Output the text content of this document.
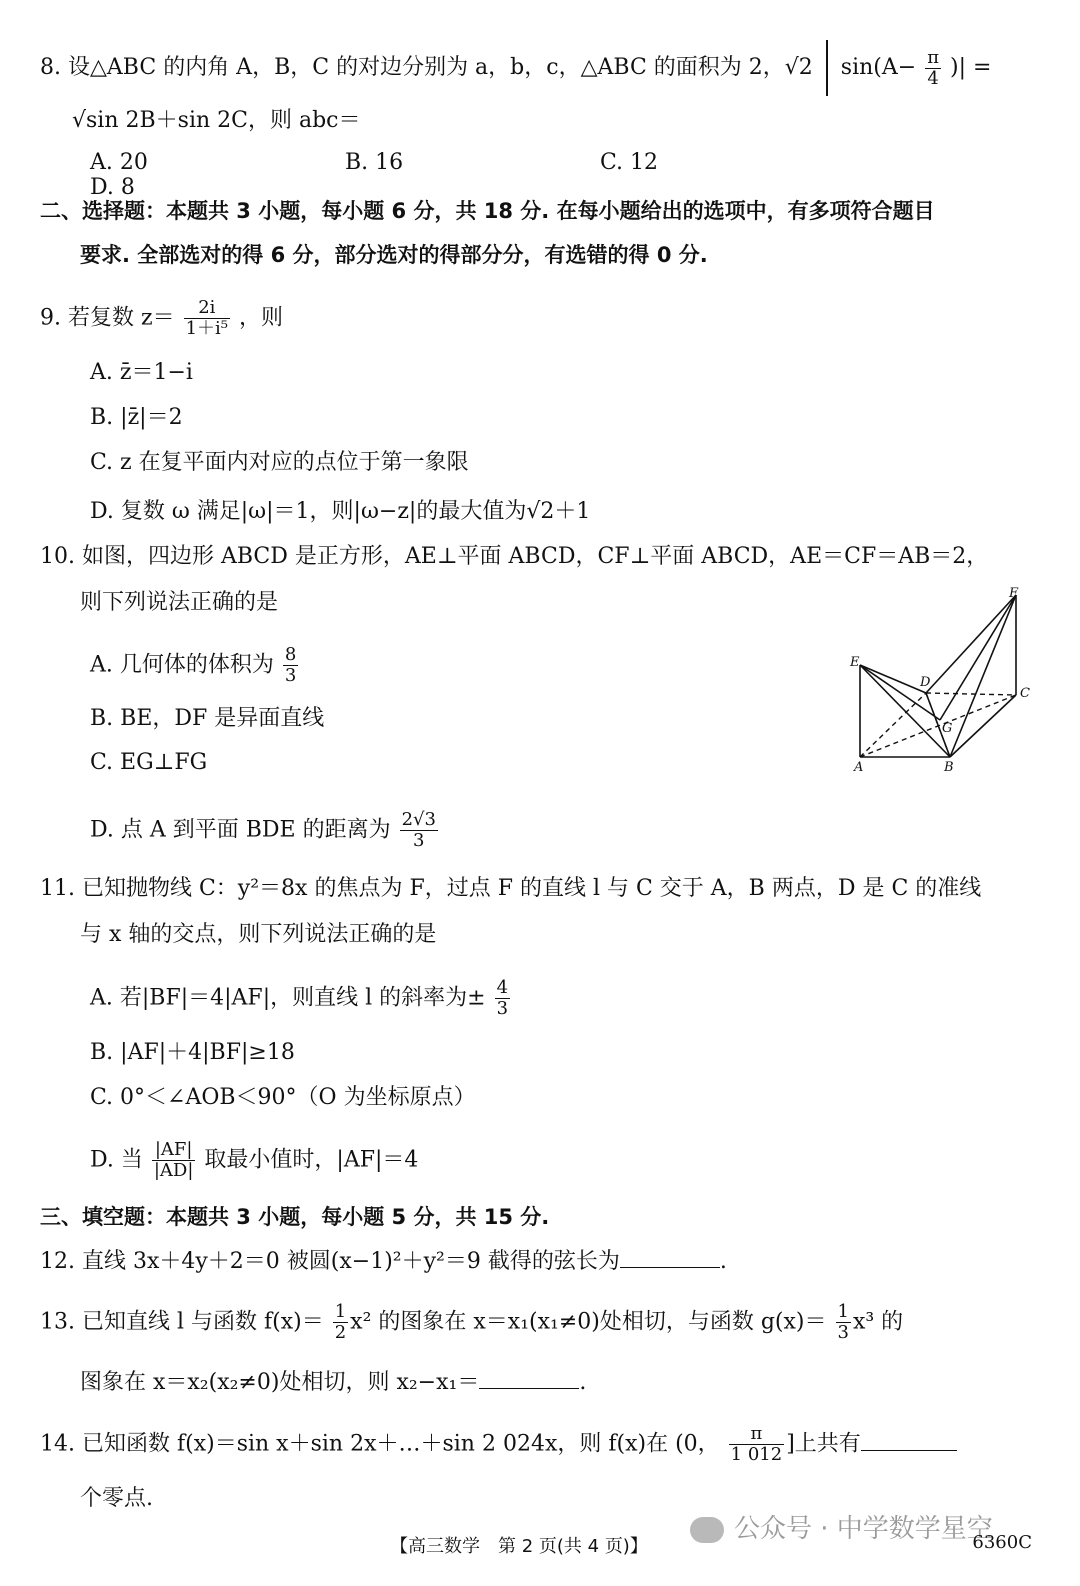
8. 设△ABC 的内角 A，B，C 的对边分别为 a，b，c，△ABC 的面积为 2，√2 $\sin(A- \frac{\pi}{4}$ )| =
√sin 2B＋sin 2C，则 abc＝
A. 20	B. 16	C. 12D. 8
二、选择题：本题共 3 小题，每小题 6 分，共 18 分. 在每小题给出的选项中，有多项符合题目
要求. 全部选对的得 6 分，部分选对的得部分分，有选错的得 0 分.
9. 若复数 $z= \frac{2i}{\text{1＋i⁵}}$ ，则
A. z̄＝1−i
B. |z̄|＝2
C. z 在复平面内对应的点位于第一象限
D. 复数 ω 满足|ω|＝1，则|ω−z|的最大值为√2＋1
10. 如图，四边形 ABCD 是正方形，AE⊥平面 ABCD，CF⊥平面 ABCD，AE＝CF＝AB＝2，
则下列说法正确的是
A. 几何体的体积为 $\frac{8}{3}$
B. BE，DF 是异面直线
C. EG⊥FG
D. 点 A 到平面 BDE 的距离为 $\frac{2√3}{3}$
F
E
D
C
G
A	B
11. 已知抛物线 C：y²＝8x 的焦点为 F，过点 F 的直线 l 与 C 交于 A，B 两点，D 是 C 的准线
与 x 轴的交点，则下列说法正确的是
A. 若|BF|＝4|AF|，则直线 l 的斜率为± $\frac{4}{3}$
B. |AF|＋4|BF|≥18
C. 0°＜∠AOB＜90°（O 为坐标原点）
D. 当 $\frac{|AF|}{|AD|}$ 取最小值时，|AF|＝4
三、填空题：本题共 3 小题，每小题 5 分，共 15 分.
12. 直线 3x＋4y＋2＝0 被圆(x−1)²＋y²＝9 截得的弦长为	.
13. 已知直线 l 与函数 $f(x)= \frac{1}{2} x^2$ 的图象在 x＝x₁(x₁≠0)处相切，与函数 $g(x)= \frac{1}{3} x^3$ 的
图象在 x＝x₂(x₂≠0)处相切，则 x₂−x₁＝	.
14. 已知函数 f(x)＝sin x＋sin 2x＋…＋sin 2 024x，则 f(x)在 (0， $\frac{\pi}{1 012}$ ]上共有
个零点.
【高三数学　第 2 页(共 4 页)】
公众号 · 中学数学星空
6360C
